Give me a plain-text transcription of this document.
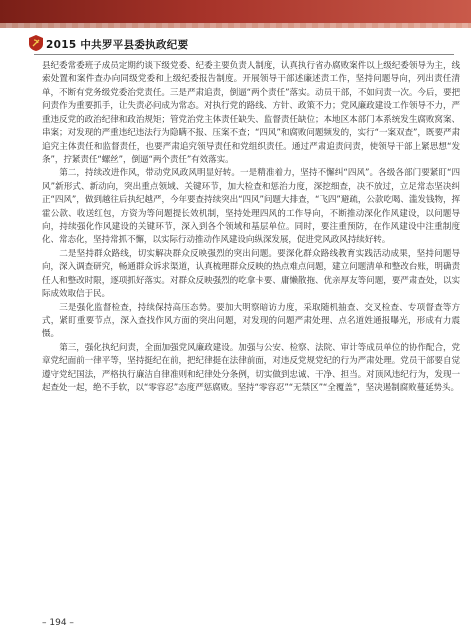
2015 中共罗平县委执政纪要

县纪委常委班子成员定期约谈下级党委、纪委主要负责人制度，认真执行省办腐败案件以上级纪委领导为主，线索处置和案件查办向同级党委和上级纪委报告制度。开展领导干部述廉述责工作，坚持问题导向，列出责任清单，不断有党务级党委治党责任。三是严肃追责，倒逼“两个责任”落实。动员干部，不如问责一次。今后，要把问责作为重要抓手，让失责必问成为常态。对执行党的路线、方针、政策不力；党风廉政建设工作领导不力，严重违反党的政治纪律和政治规矩；管党治党主体责任缺失、监督责任缺位；本地区本部门本系统发生腐败窝案、串案；对发现的严重违纪违法行为隐瞒不报、压案不查；“四风”和腐败问题频发的，实行“一案双查”，既要严肃追究主体责任和监督责任，也要严肃追究领导责任和党组织责任。通过严肃追责问责，使领导干部上紧思想“发条”，拧紧责任“螺丝”，倒逼“两个责任”有效落实。

第二，持续改进作风，带动党风政风明显好转。一是精准着力，坚持不懈纠“四风”。各级各部门要紧盯“四风”新形式、新动向，突出重点领域、关键环节，加大检查和惩治力度，深挖细查，决不放过，立足常态坚决纠正“四风”，做到越往后执纪越严，今年要查持续突出“四风”问题大排查，“飞四”避疏，公款吃喝、滥发钱物，挥霍公款、收送红包，方资为等问题提长效机制，坚持处理四风的工作导向，不断推动深化作风建设，以问题导向，持续强化作风建设的关键环节，深入到各个领域和基层单位。同时，要注重预防，在作风建设中注重制度化、常态化，坚持常抓不懈，以实际行动推动作风建设向纵深发展，促进党风政风持续好转。

二是坚持群众路线，切实解决群众反映强烈的突出问题。要深化群众路线教育实践活动成果，坚持问题导向，深入调查研究，畅通群众诉求渠道，认真梳理群众反映的热点难点问题，建立问题清单和整改台账，明确责任人和整改时限，逐项抓好落实。对群众反映强烈的吃拿卡要、庸懒散拖、优亲厚友等问题，要严肃查处，以实际成效取信于民。

三是强化监督检查，持续保持高压态势。要加大明察暗访力度，采取随机抽查、交叉检查、专项督查等方式，紧盯重要节点，深入查找作风方面的突出问题，对发现的问题严肃处理、点名道姓通报曝光，形成有力震慑。

第三，强化执纪问责，全面加强党风廉政建设。加强与公安、检察、法院、审计等成员单位的协作配合，党章党纪面前一律平等，坚持挺纪在前，把纪律挺在法律前面，对违反党规党纪的行为严肃处理。党员干部要自觉遵守党纪国法，严格执行廉洁自律准则和纪律处分条例，切实做到忠诚、干净、担当。对顶风违纪行为，发现一起查处一起，绝不手软，以“零容忍”态度严惩腐败。坚持“零容忍”“无禁区”“全覆盖”，坚决遏制腐败蔓延势头。

– 194 –
